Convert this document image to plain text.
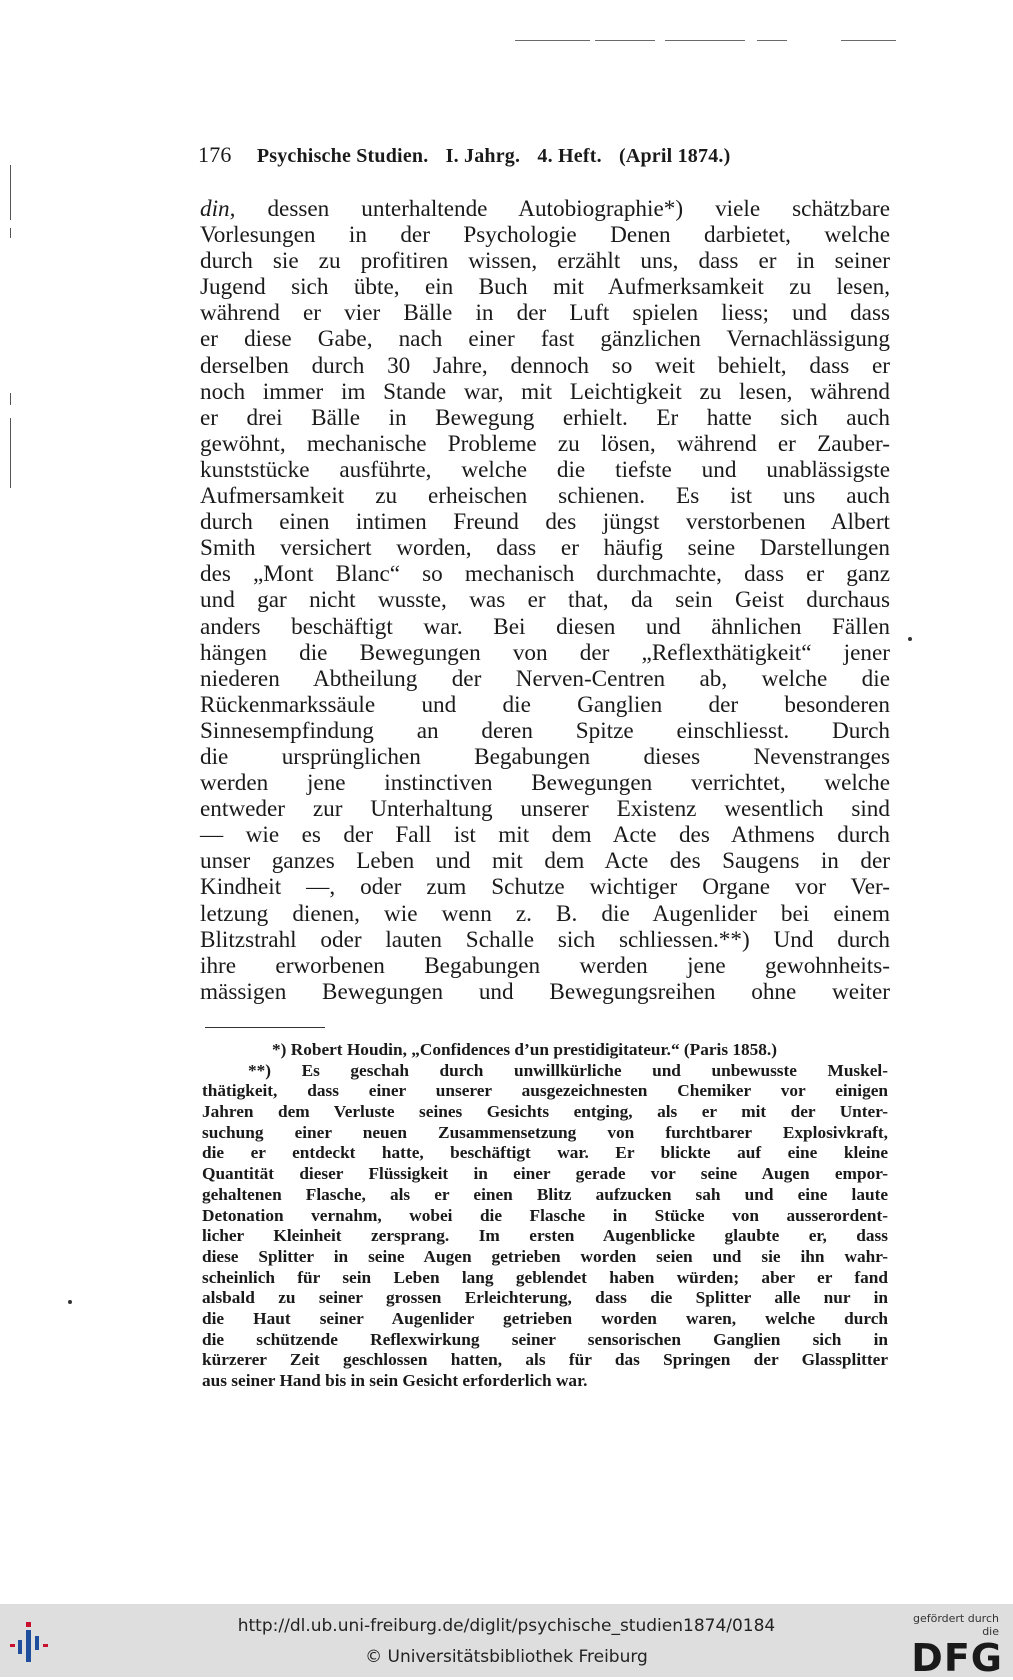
176 Psychische Studien. I. Jahrg. 4. Heft. (April 1874.)
din, dessen unterhaltende Autobiographie*) viele schätzbare
Vorlesungen in der Psychologie Denen darbietet, welche
durch sie zu profitiren wissen, erzählt uns, dass er in seiner
Jugend sich übte, ein Buch mit Aufmerksamkeit zu lesen,
während er vier Bälle in der Luft spielen liess; und dass
er diese Gabe, nach einer fast gänzlichen Vernachlässigung
derselben durch 30 Jahre, dennoch so weit behielt, dass er
noch immer im Stande war, mit Leichtigkeit zu lesen, während
er drei Bälle in Bewegung erhielt. Er hatte sich auch
gewöhnt, mechanische Probleme zu lösen, während er Zauber-
kunststücke ausführte, welche die tiefste und unablässigste
Aufmersamkeit zu erheischen schienen. Es ist uns auch
durch einen intimen Freund des jüngst verstorbenen Albert
Smith versichert worden, dass er häufig seine Darstellungen
des „Mont Blanc“ so mechanisch durchmachte, dass er ganz
und gar nicht wusste, was er that, da sein Geist durchaus
anders beschäftigt war. Bei diesen und ähnlichen Fällen
hängen die Bewegungen von der „Reflexthätigkeit“ jener
niederen Abtheilung der Nerven-Centren ab, welche die
Rückenmarkssäule und die Ganglien der besonderen
Sinnesempfindung an deren Spitze einschliesst. Durch
die ursprünglichen Begabungen dieses Nevenstranges
werden jene instinctiven Bewegungen verrichtet, welche
entweder zur Unterhaltung unserer Existenz wesentlich sind
— wie es der Fall ist mit dem Acte des Athmens durch
unser ganzes Leben und mit dem Acte des Saugens in der
Kindheit —, oder zum Schutze wichtiger Organe vor Ver-
letzung dienen, wie wenn z. B. die Augenlider bei einem
Blitzstrahl oder lauten Schalle sich schliessen.**) Und durch
ihre erworbenen Begabungen werden jene gewohnheits-
mässigen Bewegungen und Bewegungsreihen ohne weiter
*) Robert Houdin, „Confidences d’un prestidigitateur.“ (Paris 1858.)
**) Es geschah durch unwillkürliche und unbewusste Muskel-
thätigkeit, dass einer unserer ausgezeichnesten Chemiker vor einigen
Jahren dem Verluste seines Gesichts entging, als er mit der Unter-
suchung einer neuen Zusammensetzung von furchtbarer Explosivkraft,
die er entdeckt hatte, beschäftigt war. Er blickte auf eine kleine
Quantität dieser Flüssigkeit in einer gerade vor seine Augen empor-
gehaltenen Flasche, als er einen Blitz aufzucken sah und eine laute
Detonation vernahm, wobei die Flasche in Stücke von ausserordent-
licher Kleinheit zersprang. Im ersten Augenblicke glaubte er, dass
diese Splitter in seine Augen getrieben worden seien und sie ihn wahr-
scheinlich für sein Leben lang geblendet haben würden; aber er fand
alsbald zu seiner grossen Erleichterung, dass die Splitter alle nur in
die Haut seiner Augenlider getrieben worden waren, welche durch
die schützende Reflexwirkung seiner sensorischen Ganglien sich in
kürzerer Zeit geschlossen hatten, als für das Springen der Glassplitter
aus seiner Hand bis in sein Gesicht erforderlich war.
http://dl.ub.uni-freiburg.de/diglit/psychische_studien1874/0184
© Universitätsbibliothek Freiburg
gefördert durch die
DFG
